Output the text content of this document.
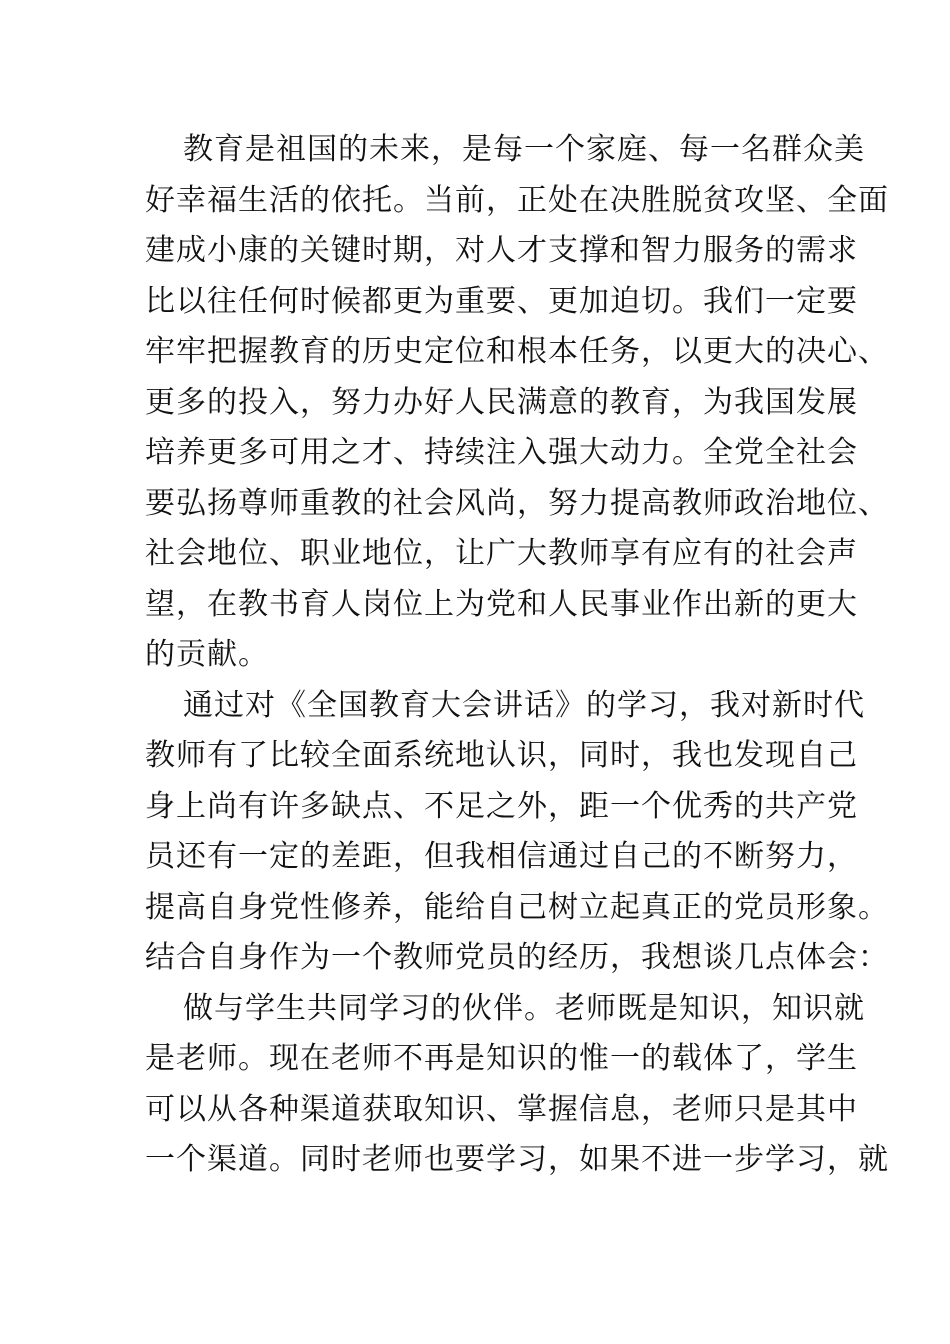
教育是祖国的未来，是每一个家庭、每一名群众美
好幸福生活的依托。当前，正处在决胜脱贫攻坚、全面
建成小康的关键时期，对人才支撑和智力服务的需求
比以往任何时候都更为重要、更加迫切。我们一定要
牢牢把握教育的历史定位和根本任务，以更大的决心、
更多的投入，努力办好人民满意的教育，为我国发展
培养更多可用之才、持续注入强大动力。全党全社会
要弘扬尊师重教的社会风尚，努力提高教师政治地位、
社会地位、职业地位，让广大教师享有应有的社会声
望，在教书育人岗位上为党和人民事业作出新的更大
的贡献。
通过对《全国教育大会讲话》的学习，我对新时代
教师有了比较全面系统地认识，同时，我也发现自己
身上尚有许多缺点、不足之外，距一个优秀的共产党
员还有一定的差距，但我相信通过自己的不断努力，
提高自身党性修养，能给自己树立起真正的党员形象。
结合自身作为一个教师党员的经历，我想谈几点体会：
做与学生共同学习的伙伴。老师既是知识，知识就
是老师。现在老师不再是知识的惟一的载体了，学生
可以从各种渠道获取知识、掌握信息，老师只是其中
一个渠道。同时老师也要学习，如果不进一步学习，就
